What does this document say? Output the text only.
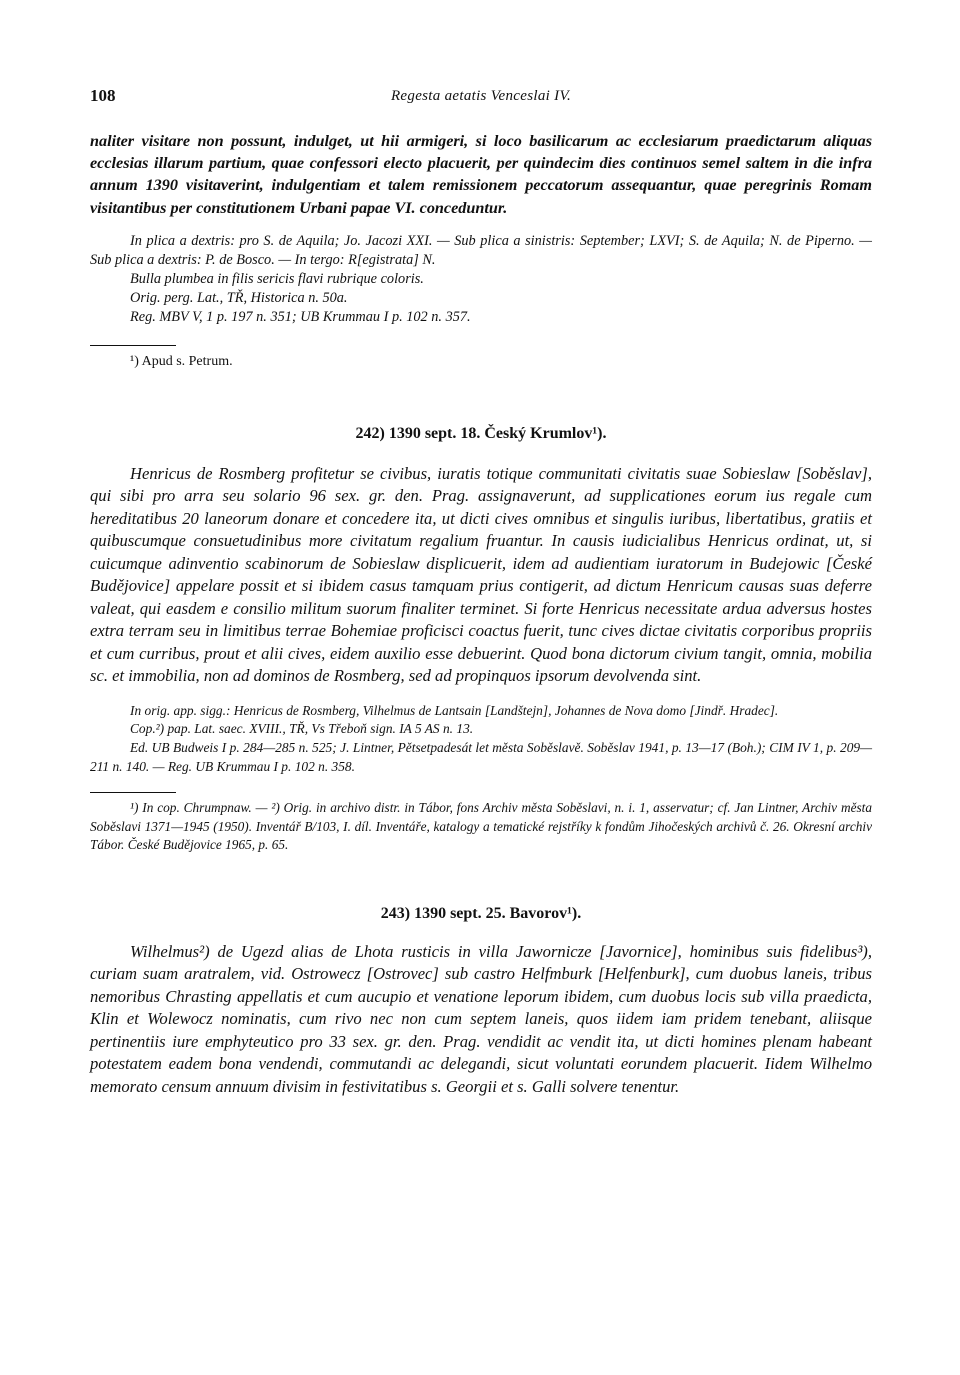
108	Regesta aetatis Venceslai IV.

naliter visitare non possunt, indulget, ut hii armigeri, si loco basilicarum ac ecclesiarum praedictarum aliquas ecclesias illarum partium, quae confessori electo placuerit, per quindecim dies continuos semel saltem in die infra annum 1390 visitaverint, indulgentiam et talem remissionem peccatorum assequantur, quae peregrinis Romam visitantibus per constitutionem Urbani papae VI. conceduntur.

In plica a dextris: pro S. de Aquila; Jo. Jacozi XXI. — Sub plica a sinistris: September; LXVI; S. de Aquila; N. de Piperno. — Sub plica a dextris: P. de Bosco. — In tergo: R[egistrata] N.

Bulla plumbea in filis sericis flavi rubrique coloris.

Orig. perg. Lat., TŘ, Historica n. 50a.

Reg. MBV V, 1 p. 197 n. 351; UB Krummau I p. 102 n. 357.

¹) Apud s. Petrum.

242) 1390 sept. 18. Český Krumlov¹).

Henricus de Rosmberg profitetur se civibus, iuratis totique communitati civitatis suae Sobieslaw [Soběslav], qui sibi pro arra seu solario 96 sex. gr. den. Prag. assignaverunt, ad supplicationes eorum ius regale cum hereditatibus 20 laneorum donare et concedere ita, ut dicti cives omnibus et singulis iuribus, libertatibus, gratiis et quibuscumque consuetudinibus more civitatum regalium fruantur. In causis iudicialibus Henricus ordinat, ut, si cuicumque adinventio scabinorum de Sobieslaw displicuerit, idem ad audientiam iuratorum in Budejowic [České Budějovice] appelare possit et si ibidem casus tamquam prius contigerit, ad dictum Henricum causas suas deferre valeat, qui easdem e consilio militum suorum finaliter terminet. Si forte Henricus necessitate ardua adversus hostes extra terram seu in limitibus terrae Bohemiae proficisci coactus fuerit, tunc cives dictae civitatis corporibus propriis et cum curribus, prout et alii cives, eidem auxilio esse debuerint. Quod bona dictorum civium tangit, omnia, mobilia sc. et immobilia, non ad dominos de Rosmberg, sed ad propinquos ipsorum devolvenda sint.

In orig. app. sigg.: Henricus de Rosmberg, Vilhelmus de Lantsain [Landštejn], Johannes de Nova domo [Jindř. Hradec].

Cop.²) pap. Lat. saec. XVIII., TŘ, Vs Třeboň sign. IA 5 AS n. 13.

Ed. UB Budweis I p. 284—285 n. 525; J. Lintner, Pětsetpadesát let města Soběslavě. Soběslav 1941, p. 13—17 (Boh.); CIM IV 1, p. 209—211 n. 140. — Reg. UB Krummau I p. 102 n. 358.

¹) In cop. Chrumpnaw. — ²) Orig. in archivo distr. in Tábor, fons Archiv města Soběslavi, n. i. 1, asservatur; cf. Jan Lintner, Archiv města Soběslavi 1371—1945 (1950). Inventář B/103, I. díl. Inventáře, katalogy a tematické rejstříky k fondům Jihočeských archivů č. 26. Okresní archiv Tábor. České Budějovice 1965, p. 65.

243) 1390 sept. 25. Bavorov¹).

Wilhelmus²) de Ugezd alias de Lhota rusticis in villa Jawornicze [Javornice], hominibus suis fidelibus³), curiam suam aratralem, vid. Ostrowecz [Ostrovec] sub castro Helfmburk [Helfenburk], cum duobus laneis, tribus nemoribus Chrasting appellatis et cum aucupio et venatione leporum ibidem, cum duobus locis sub villa praedicta, Klin et Wolewocz nominatis, cum rivo nec non cum septem laneis, quos iidem iam pridem tenebant, aliisque pertinentiis iure emphyteutico pro 33 sex. gr. den. Prag. vendidit ac vendit ita, ut dicti homines plenam habeant potestatem eadem bona vendendi, commutandi ac delegandi, sicut voluntati eorundem placuerit. Iidem Wilhelmo memorato censum annuum divisim in festivitatibus s. Georgii et s. Galli solvere tenentur.
